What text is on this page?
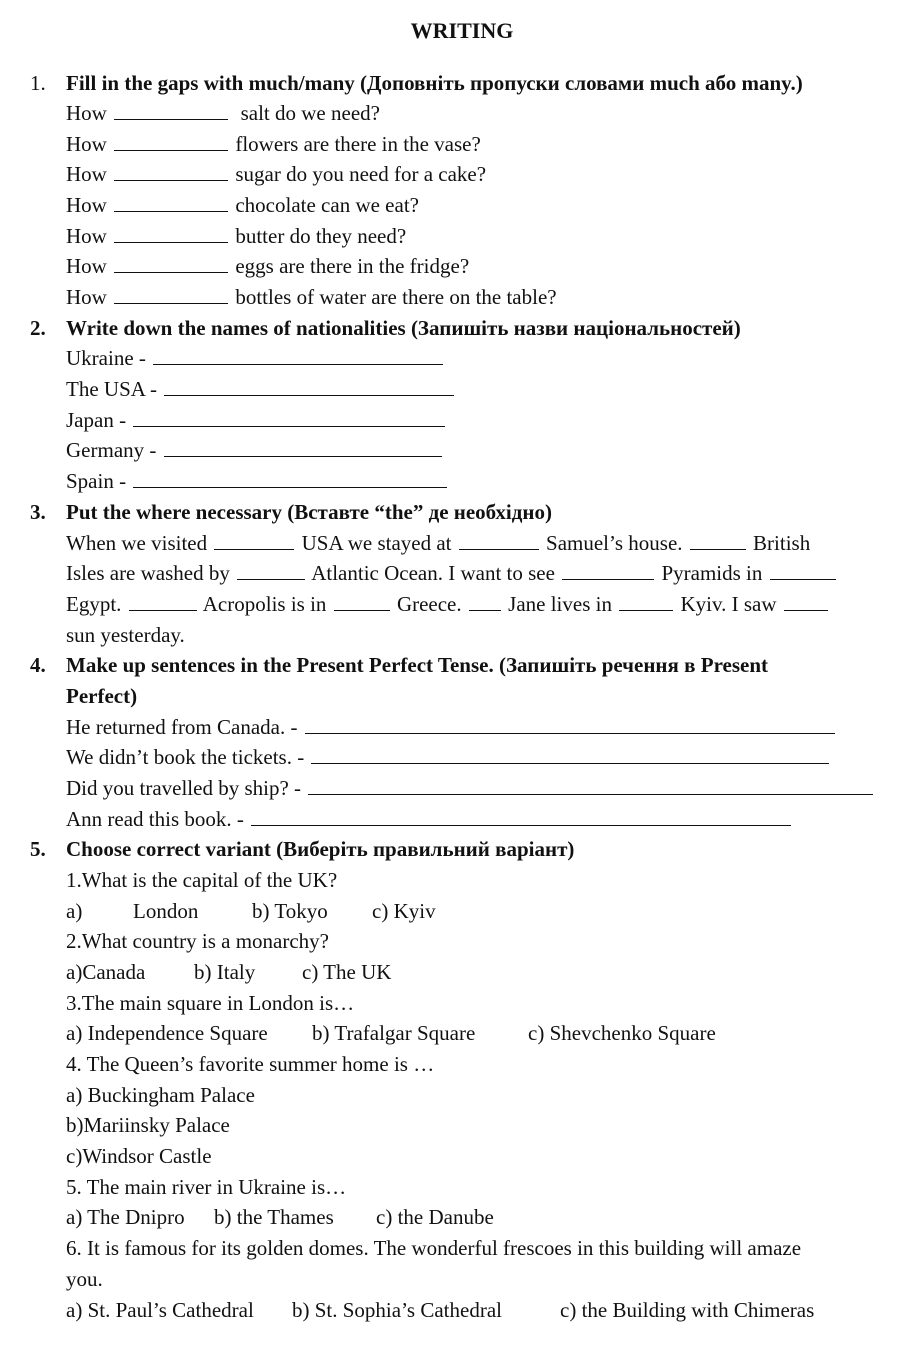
WRITING
1. Fill in the gaps with much/many (Доповніть пропуски словами much або many.)
How	salt do we need?
How	flowers are there in the vase?
How	sugar do you need for a cake?
How	chocolate can we eat?
How	butter do they need?
How	eggs are there in the fridge?
How	bottles of water are there on the table?
2. Write down the names of nationalities (Запишіть назви національностей)
Ukraine -
The USA -
Japan -
Germany -
Spain -
3. Put the where necessary (Вставте “the” де необхідно)
When we visited	USA we stayed at	Samuel’s house.	British
Isles are washed by	Atlantic Ocean. I want to see	Pyramids in
Egypt.	Acropolis is in	Greece. Jane lives in	Kyiv. I saw
sun yesterday.
4. Make up sentences in the Present Perfect Tense. (Запишіть речення в Present
Perfect)
He returned from Canada. -
We didn’t book the tickets. -
Did you travelled by ship? -
Ann read this book. -
5. Choose correct variant (Виберіть правильний варіант)
1.What is the capital of the UK?
a) London	b) Tokyo c) Kyiv
2.What country is a monarchy?
a)Canada b) Italy c) The UK
3.The main square in London is…
a) Independence Square b) Trafalgar Square	c) Shevchenko Square
4. The Queen’s favorite summer home is …
a) Buckingham Palace
b)Mariinsky Palace
c)Windsor Castle
5. The main river in Ukraine is…
a) The Dnipro b) the Thames c) the Danube
6. It is famous for its golden domes. The wonderful frescoes in this building will amaze
you.
a) St. Paul’s Cathedral b) St. Sophia’s Cathedral	c) the Building with Chimeras
